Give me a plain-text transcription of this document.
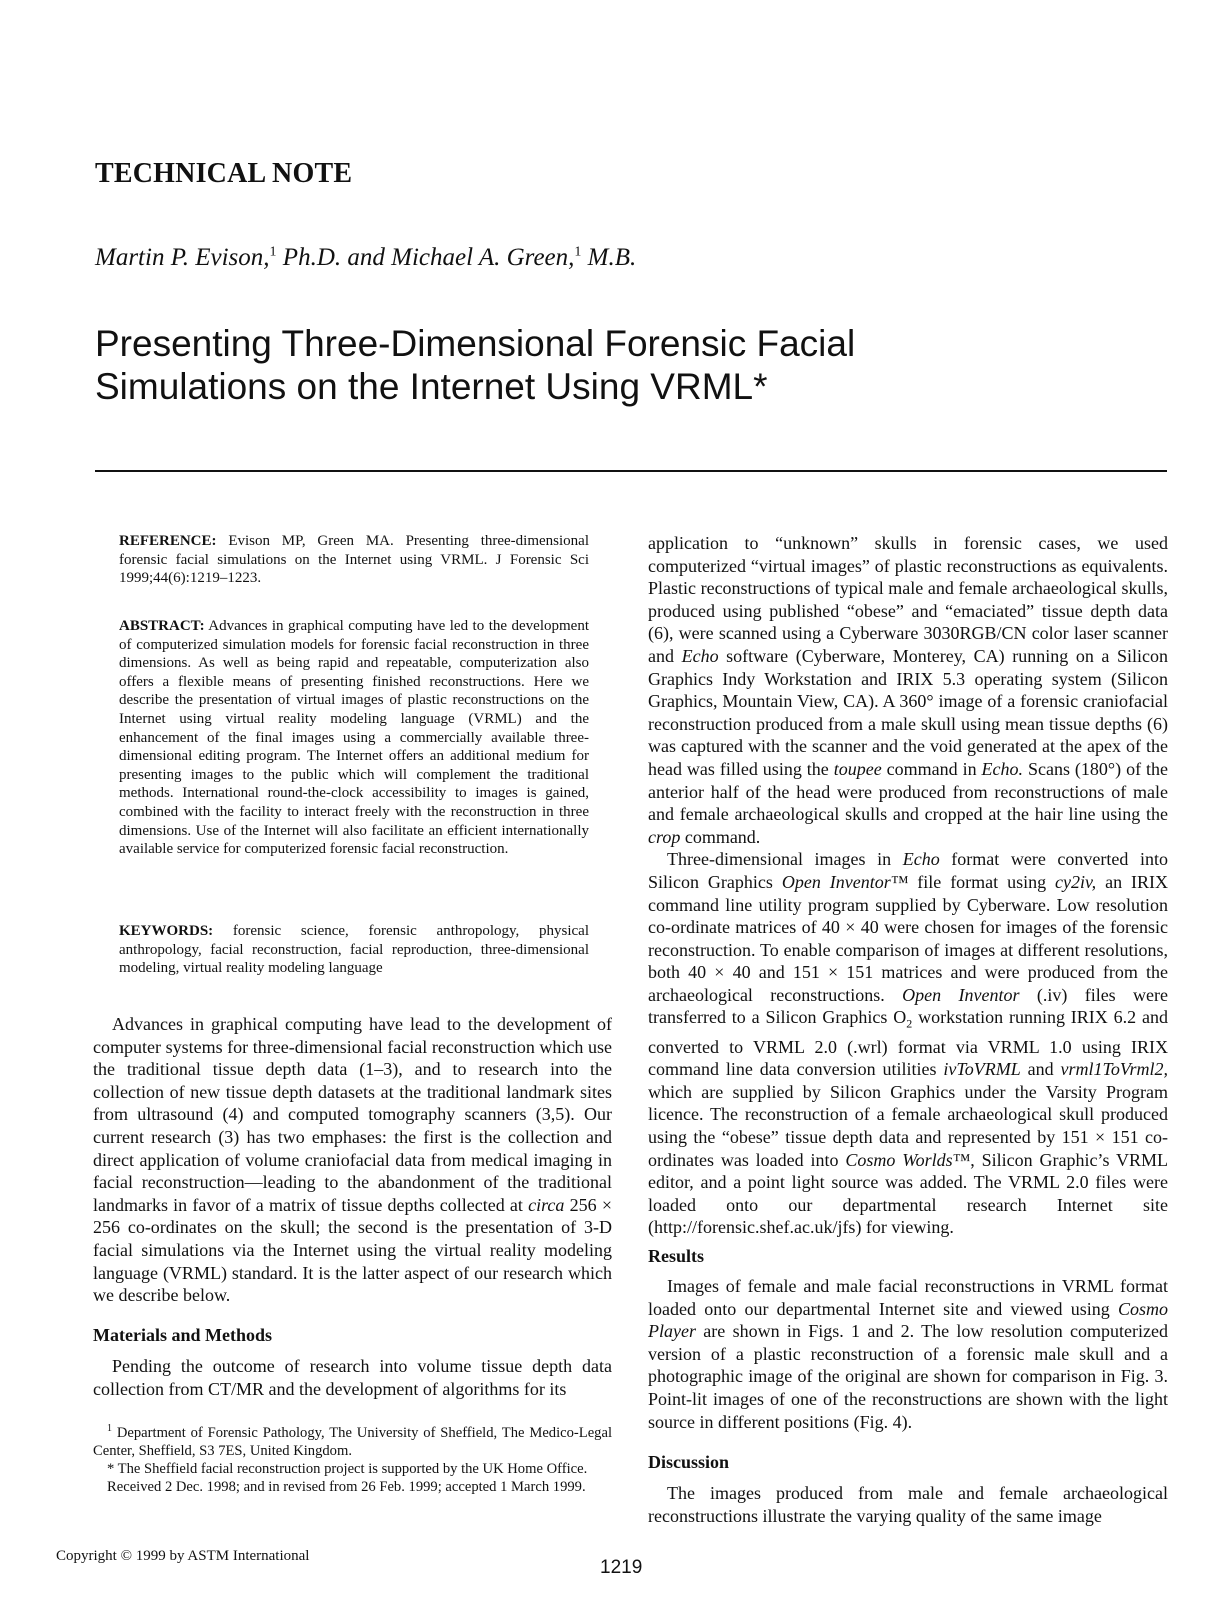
TECHNICAL NOTE
Martin P. Evison,$^1$ Ph.D. and Michael A. Green,$^1$ M.B.
Presenting Three-Dimensional Forensic Facial
Simulations on the Internet Using VRML*
REFERENCE: Evison MP, Green MA. Presenting three-dimensional forensic facial simulations on the Internet using VRML. J Forensic Sci 1999;44(6):1219–1223.
ABSTRACT: Advances in graphical computing have led to the development of computerized simulation models for forensic facial reconstruction in three dimensions. As well as being rapid and repeatable, computerization also offers a flexible means of presenting finished reconstructions. Here we describe the presentation of virtual images of plastic reconstructions on the Internet using virtual reality modeling language (VRML) and the enhancement of the final images using a commercially available three-dimensional editing program. The Internet offers an additional medium for presenting images to the public which will complement the traditional methods. International round-the-clock accessibility to images is gained, combined with the facility to interact freely with the reconstruction in three dimensions. Use of the Internet will also facilitate an efficient internationally available service for computerized forensic facial reconstruction.
KEYWORDS: forensic science, forensic anthropology, physical anthropology, facial reconstruction, facial reproduction, three-dimensional modeling, virtual reality modeling language

Advances in graphical computing have lead to the development of computer systems for three-dimensional facial reconstruction which use the traditional tissue depth data (1–3), and to research into the collection of new tissue depth datasets at the traditional landmark sites from ultrasound (4) and computed tomography scanners (3,5). Our current research (3) has two emphases: the first is the collection and direct application of volume craniofacial data from medical imaging in facial reconstruction—leading to the abandonment of the traditional landmarks in favor of a matrix of tissue depths collected at circa 256 × 256 co-ordinates on the skull; the second is the presentation of 3-D facial simulations via the Internet using the virtual reality modeling language (VRML) standard. It is the latter aspect of our research which we describe below.

Materials and Methods

Pending the outcome of research into volume tissue depth data collection from CT/MR and the development of algorithms for its

$^1$ Department of Forensic Pathology, The University of Sheffield, The Medico-Legal Center, Sheffield, S3 7ES, United Kingdom.

* The Sheffield facial reconstruction project is supported by the UK Home Office.

Received 2 Dec. 1998; and in revised from 26 Feb. 1999; accepted 1 March 1999.

application to “unknown” skulls in forensic cases, we used computerized “virtual images” of plastic reconstructions as equivalents. Plastic reconstructions of typical male and female archaeological skulls, produced using published “obese” and “emaciated” tissue depth data (6), were scanned using a Cyberware 3030RGB/CN color laser scanner and Echo software (Cyberware, Monterey, CA) running on a Silicon Graphics Indy Workstation and IRIX 5.3 operating system (Silicon Graphics, Mountain View, CA). A 360° image of a forensic craniofacial reconstruction produced from a male skull using mean tissue depths (6) was captured with the scanner and the void generated at the apex of the head was filled using the toupee command in Echo. Scans (180°) of the anterior half of the head were produced from reconstructions of male and female archaeological skulls and cropped at the hair line using the crop command.

Three-dimensional images in Echo format were converted into Silicon Graphics Open Inventor™ file format using cy2iv, an IRIX command line utility program supplied by Cyberware. Low resolution co-ordinate matrices of 40 × 40 were chosen for images of the forensic reconstruction. To enable comparison of images at different resolutions, both 40 × 40 and 151 × 151 matrices and were produced from the archaeological reconstructions. Open Inventor (.iv) files were transferred to a Silicon Graphics $O_2$ workstation running IRIX 6.2 and converted to VRML 2.0 (.wrl) format via VRML 1.0 using IRIX command line data conversion utilities ivToVRML and vrml1ToVrml2, which are supplied by Silicon Graphics under the Varsity Program licence. The reconstruction of a female archaeological skull produced using the “obese” tissue depth data and represented by 151 × 151 co-ordinates was loaded into Cosmo Worlds™, Silicon Graphic’s VRML editor, and a point light source was added. The VRML 2.0 files were loaded onto our departmental research Internet site (http://forensic.shef.ac.uk/jfs) for viewing.

Results

Images of female and male facial reconstructions in VRML format loaded onto our departmental Internet site and viewed using Cosmo Player are shown in Figs. 1 and 2. The low resolution computerized version of a plastic reconstruction of a forensic male skull and a photographic image of the original are shown for comparison in Fig. 3. Point-lit images of one of the reconstructions are shown with the light source in different positions (Fig. 4).

Discussion

The images produced from male and female archaeological reconstructions illustrate the varying quality of the same image

Copyright © 1999 by ASTM International
1219
